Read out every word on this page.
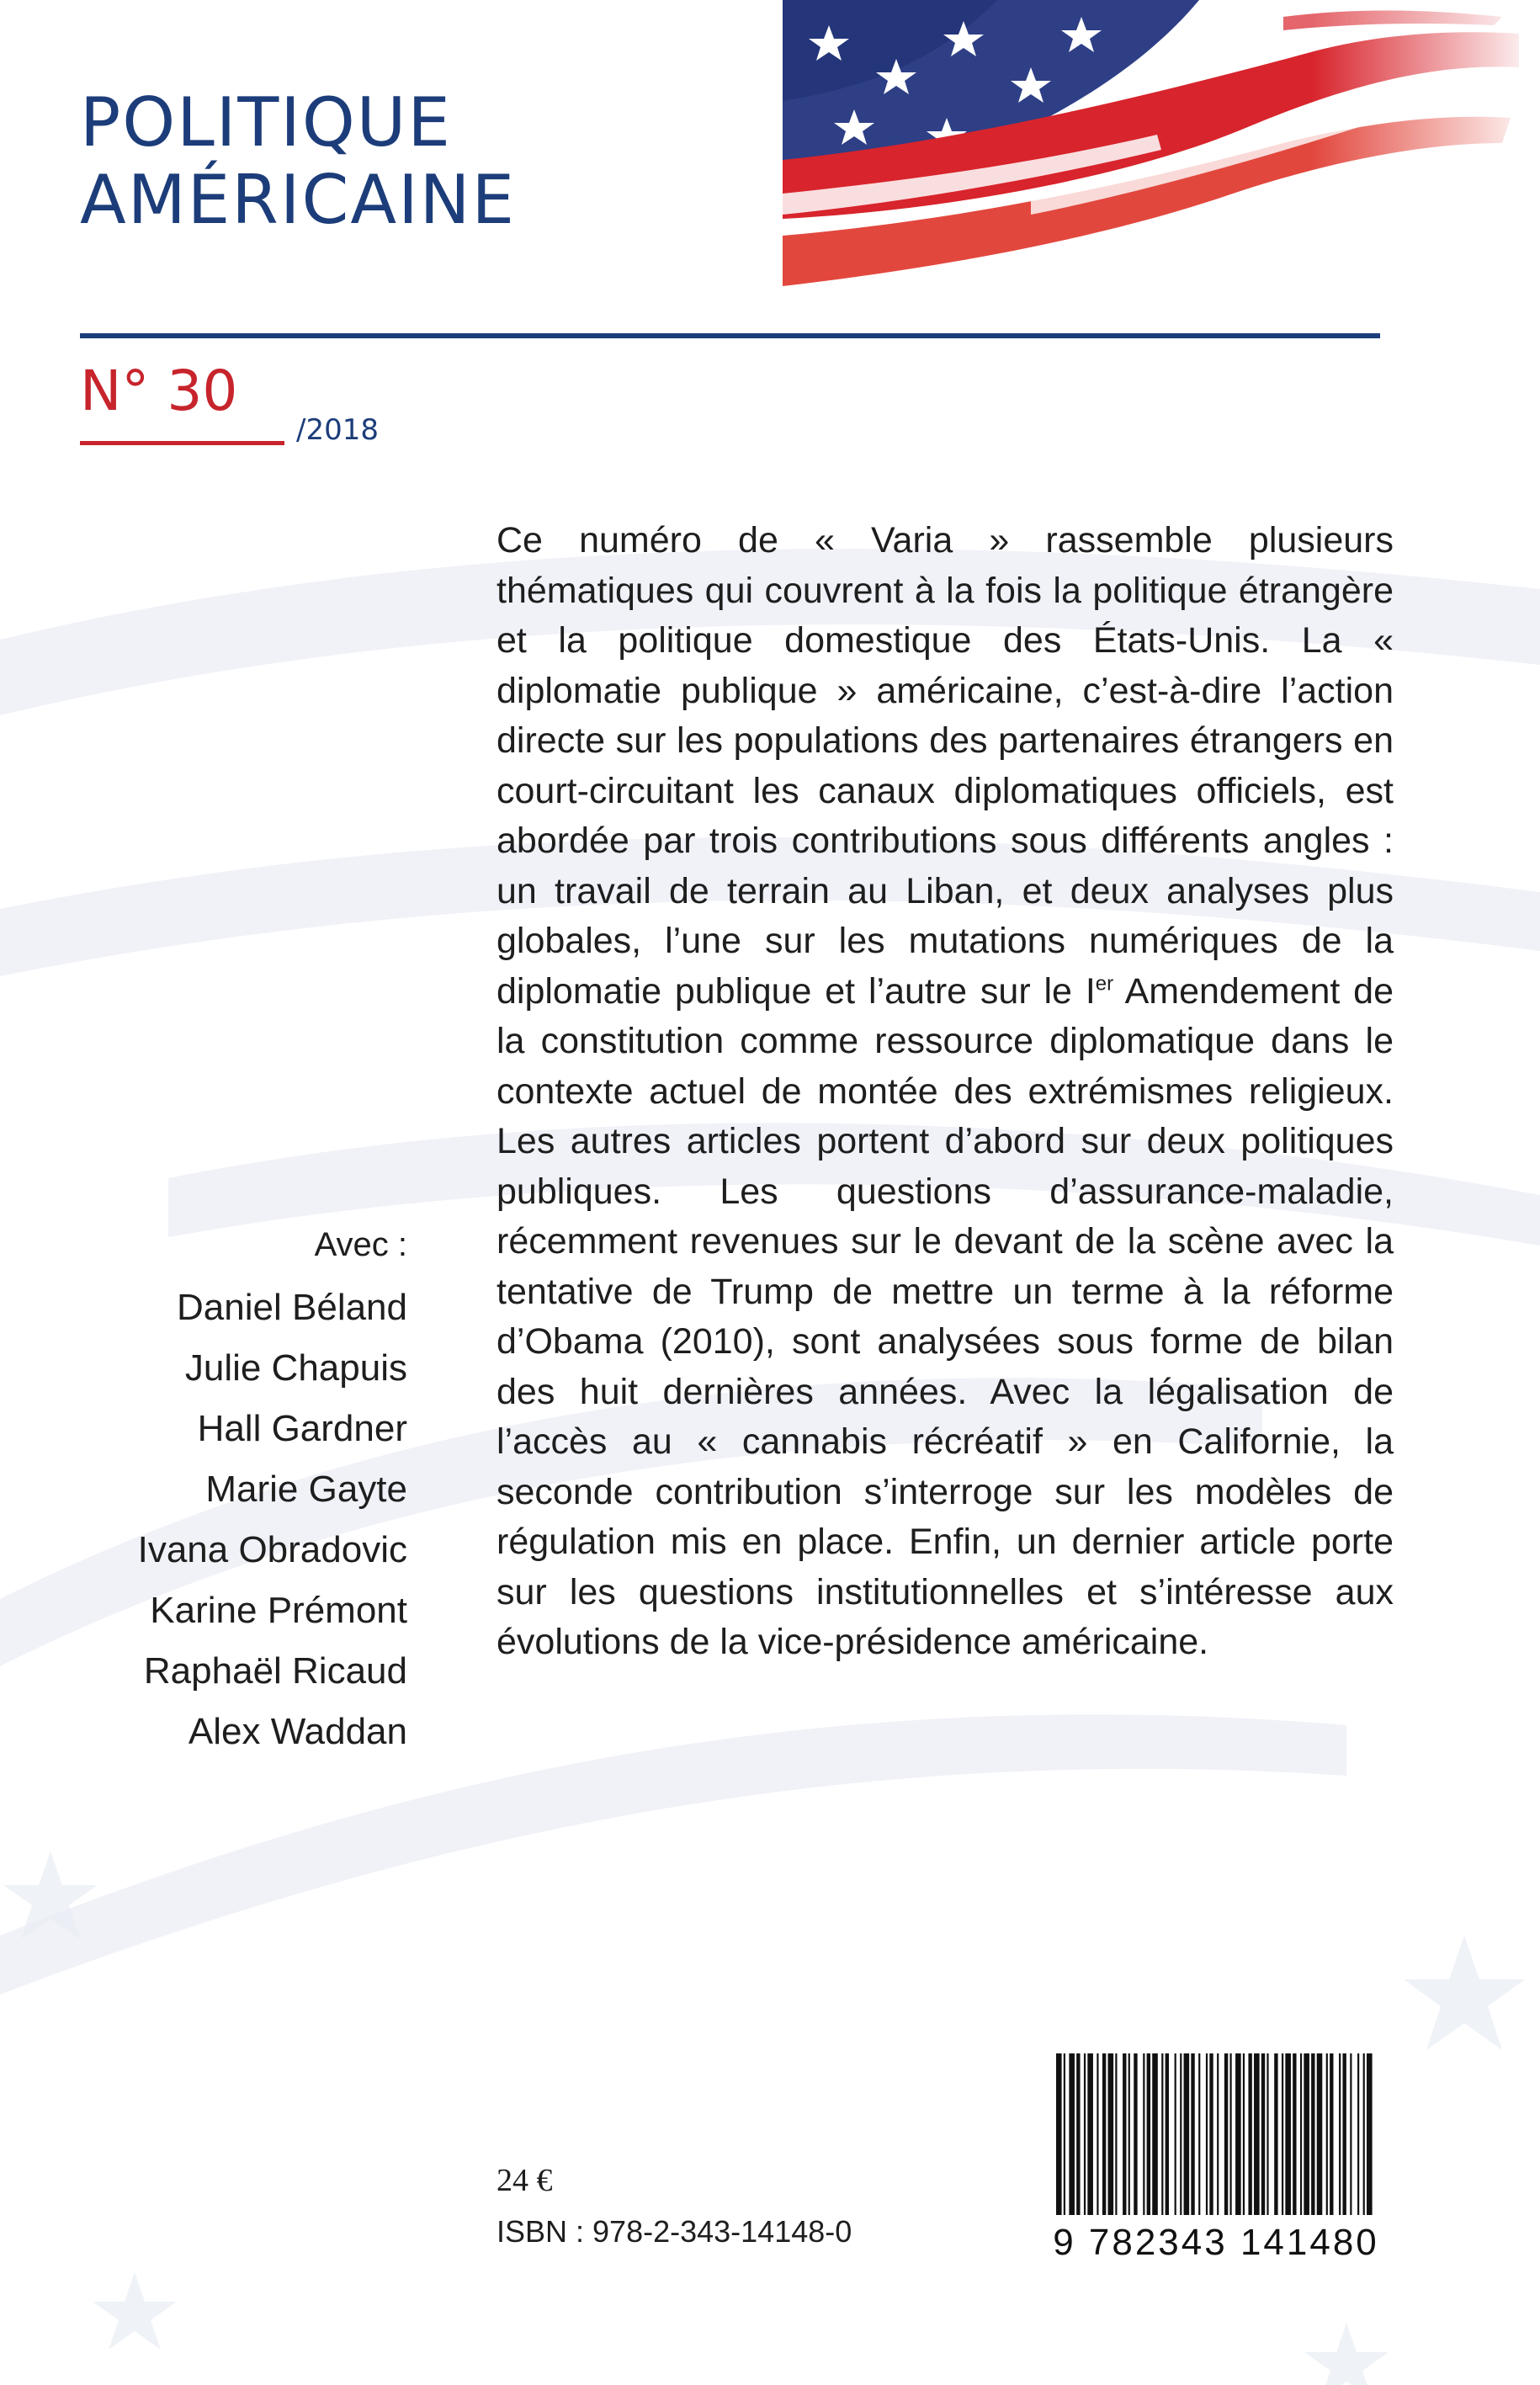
POLITIQUE
AMÉRICAINE
N° 30
/2018

Ce numéro de « Varia » rassemble plusieurs thématiques qui couvrent à la fois la politique étrangère et la politique domestique des États-Unis. La « diplomatie publique » américaine, c’est-à-dire l’action directe sur les populations des partenaires étrangers en court-circuitant les canaux diplomatiques officiels, est abordée par trois contributions sous différents angles : un travail de terrain au Liban, et deux analyses plus globales, l’une sur les mutations numériques de la diplomatie publique et l’autre sur le Ier Amendement de la constitution comme ressource diplomatique dans le contexte actuel de montée des extrémismes religieux. Les autres articles portent d’abord sur deux politiques publiques. Les questions d’assurance-maladie, récemment revenues sur le devant de la scène avec la tentative de Trump de mettre un terme à la réforme d’Obama (2010), sont analysées sous forme de bilan des huit dernières années. Avec la légalisation de l’accès au « cannabis récréatif » en Californie, la seconde contribution s’interroge sur les modèles de régulation mis en place. Enfin, un dernier article porte sur les questions institutionnelles et s’intéresse aux évolutions de la vice-présidence américaine.

Avec :
Daniel Béland
Julie Chapuis
Hall Gardner
Marie Gayte
Ivana Obradovic
Karine Prémont
Raphaël Ricaud
Alex Waddan
24 €
ISBN : 978-2-343-14148-0	9 782343 141480
